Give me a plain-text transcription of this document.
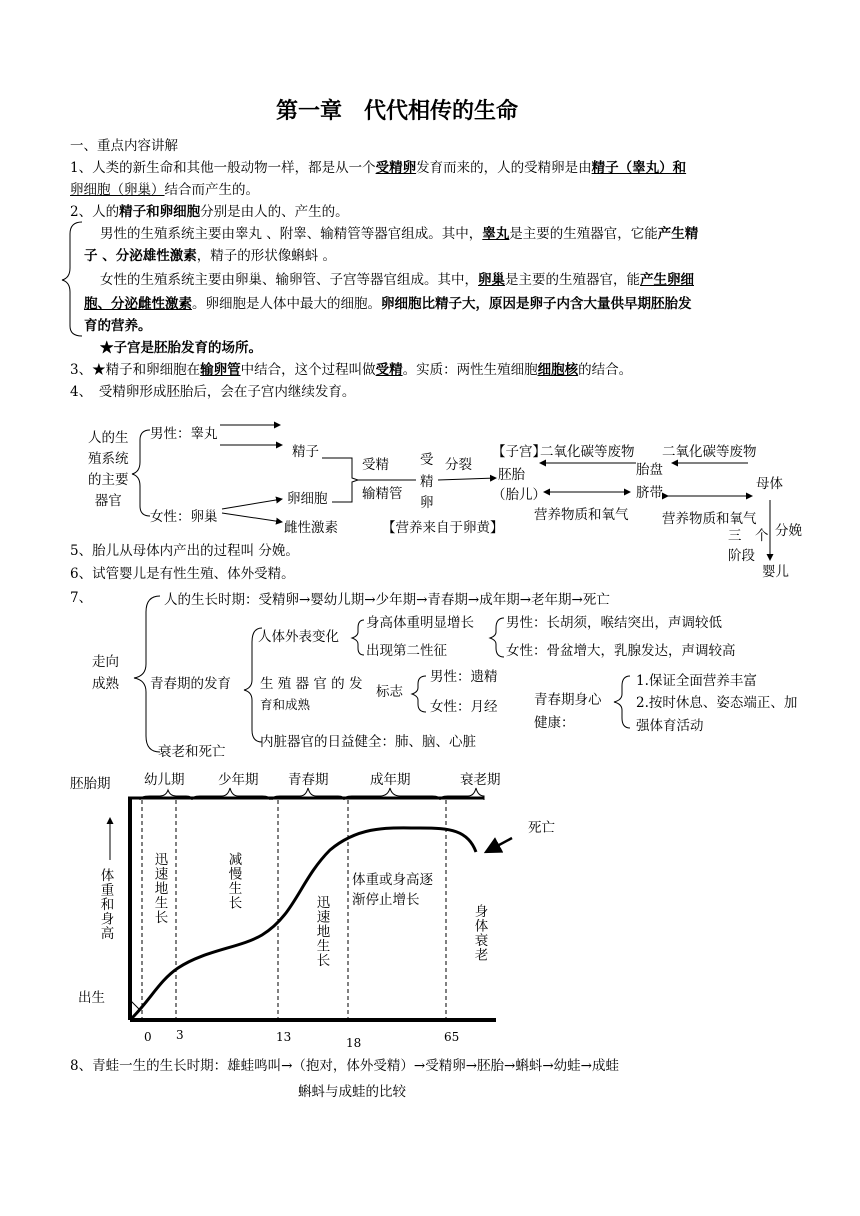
第一章　代代相传的生命
一、重点内容讲解
1、人类的新生命和其他一般动物一样，都是从一个受精卵发育而来的，人的受精卵是由精子（睾丸）和
卵细胞（卵巢）结合而产生的。
2、人的精子和卵细胞分别是由人的、产生的。
男性的生殖系统主要由睾丸 、附睾、输精管等器官组成。其中，睾丸是主要的生殖器官，它能产生精
子 、分泌雄性激素，精子的形状像蝌蚪 。
女性的生殖系统主要由卵巢、输卵管、子宫等器官组成。其中，卵巢是主要的生殖器官，能产生卵细
胞、分泌雌性激素。卵细胞是人体中最大的细胞。卵细胞比精子大，原因是卵子内含大量供早期胚胎发
育的营养。
★子宫是胚胎发育的场所。
3、★精子和卵细胞在输卵管中结合，这个过程叫做受精。实质：两性生殖细胞细胞核的结合。
4、　受精卵形成胚胎后，会在子宫内继续发育。
人的生
殖系统
的主要
器官
男性：睾丸
女性：卵巢
精子
卵细胞
雌性激素
受精
输精管
受
精
卵
分裂
【子宫】
胚胎
（胎儿）
二氧化碳等废物 二氧化碳等废物
胎盘
脐带
营养物质和氧气 营养物质和氧气
母体
【营养来自于卵黄】	三　个
阶段
分娩
婴儿
5、胎儿从母体内产出的过程叫 分娩。
6、试管婴儿是有性生殖、体外受精。
7、
走向
成熟
人的生长时期：受精卵→婴幼儿期→少年期→青春期→成年期→老年期→死亡
青春期的发育
衰老和死亡
人体外表变化
身高体重明显增长
出现第二性征
男性：长胡须，喉结突出，声调较低
女性：骨盆增大，乳腺发达，声调较高
生 殖 器 官 的 发
育和成熟
标志
男性：遗精
女性：月经
内脏器官的日益健全：肺、脑、心脏
青春期身心
健康：
1.保证全面营养丰富
2.按时休息、姿态端正、加
强体育活动
胚胎期 幼儿期 少年期 青春期	成年期	衰老期
体重和身高
出生
死亡
迅速地生长	减慢生长
迅速地生长	身体衰老
体重或身高逐
渐停止增长
0 3	13	18	65
8、青蛙一生的生长时期：雄蛙鸣叫→（抱对，体外受精）→受精卵→胚胎→蝌蚪→幼蛙→成蛙
蝌蚪与成蛙的比较
